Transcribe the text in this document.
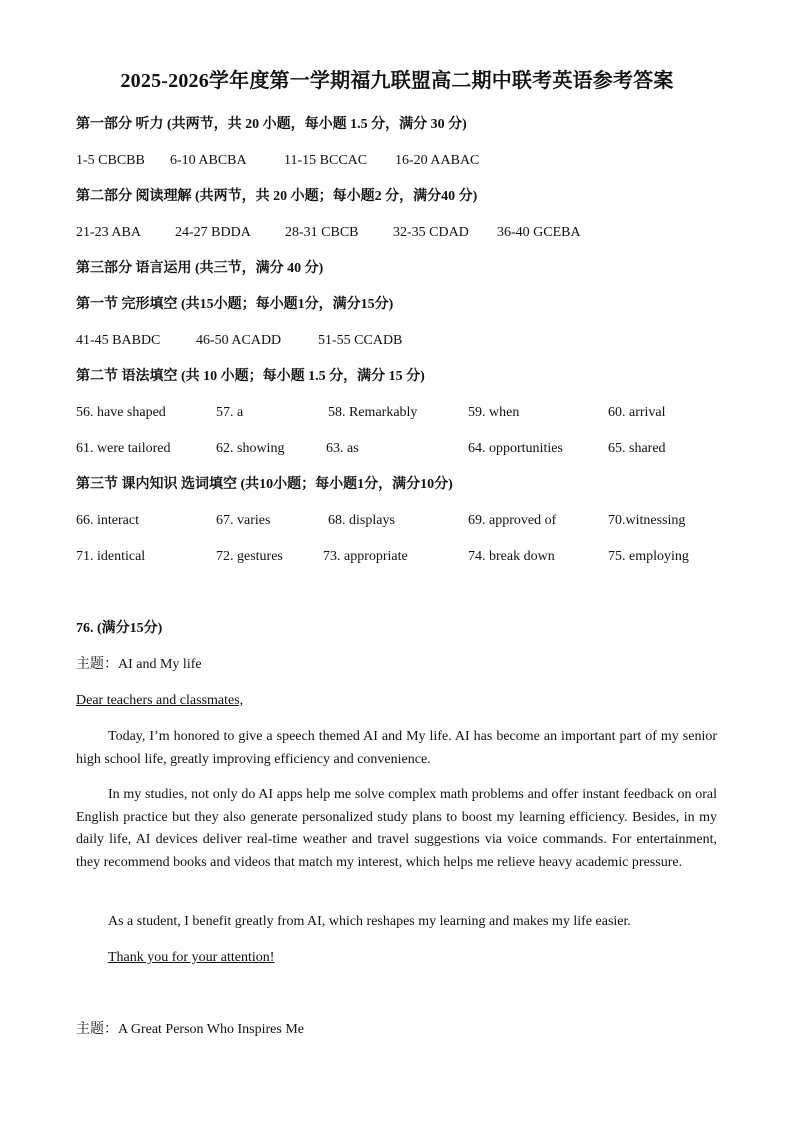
2025-2026学年度第一学期福九联盟高二期中联考英语参考答案
第一部分 听力 (共两节，共 20 小题，每小题 1.5 分，满分 30 分)
1-5 CBCBB 6-10 ABCBA	11-15 BCCAC 16-20 AABAC
第二部分 阅读理解 (共两节，共 20 小题；每小题2 分，满分40 分)
21-23 ABA 24-27 BDDA 28-31 CBCB 32-35 CDAD 36-40 GCEBA
第三部分 语言运用 (共三节，满分 40 分)
第一节 完形填空 (共15小题；每小题1分，满分15分)
41-45 BABDC	46-50 ACADD	51-55 CCADB
第二节 语法填空 (共 10 小题；每小题 1.5 分，满分 15 分)
56. have shaped	57. a	58. Remarkably	59. when	60. arrival
61. were tailored	62. showing	63. as	64. opportunities	65. shared
第三节 课内知识 选词填空 (共10小题；每小题1分，满分10分)
66. interact	67. varies	68. displays	69. approved of	70.witnessing
71. identical	72. gestures	73. appropriate	74. break down	75. employing
76. (满分15分)
主题：AI and My life
Dear teachers and classmates,
Today, I’m honored to give a speech themed AI and My life. AI has become an important part of my senior high school life, greatly improving efficiency and convenience.
In my studies, not only do AI apps help me solve complex math problems and offer instant feedback on oral English practice but they also generate personalized study plans to boost my learning efficiency. Besides, in my daily life, AI devices deliver real-time weather and travel suggestions via voice commands. For entertainment, they recommend books and videos that match my interest, which helps me relieve heavy academic pressure.
As a student, I benefit greatly from AI, which reshapes my learning and makes my life easier.
Thank you for your attention!
主题：A Great Person Who Inspires Me
